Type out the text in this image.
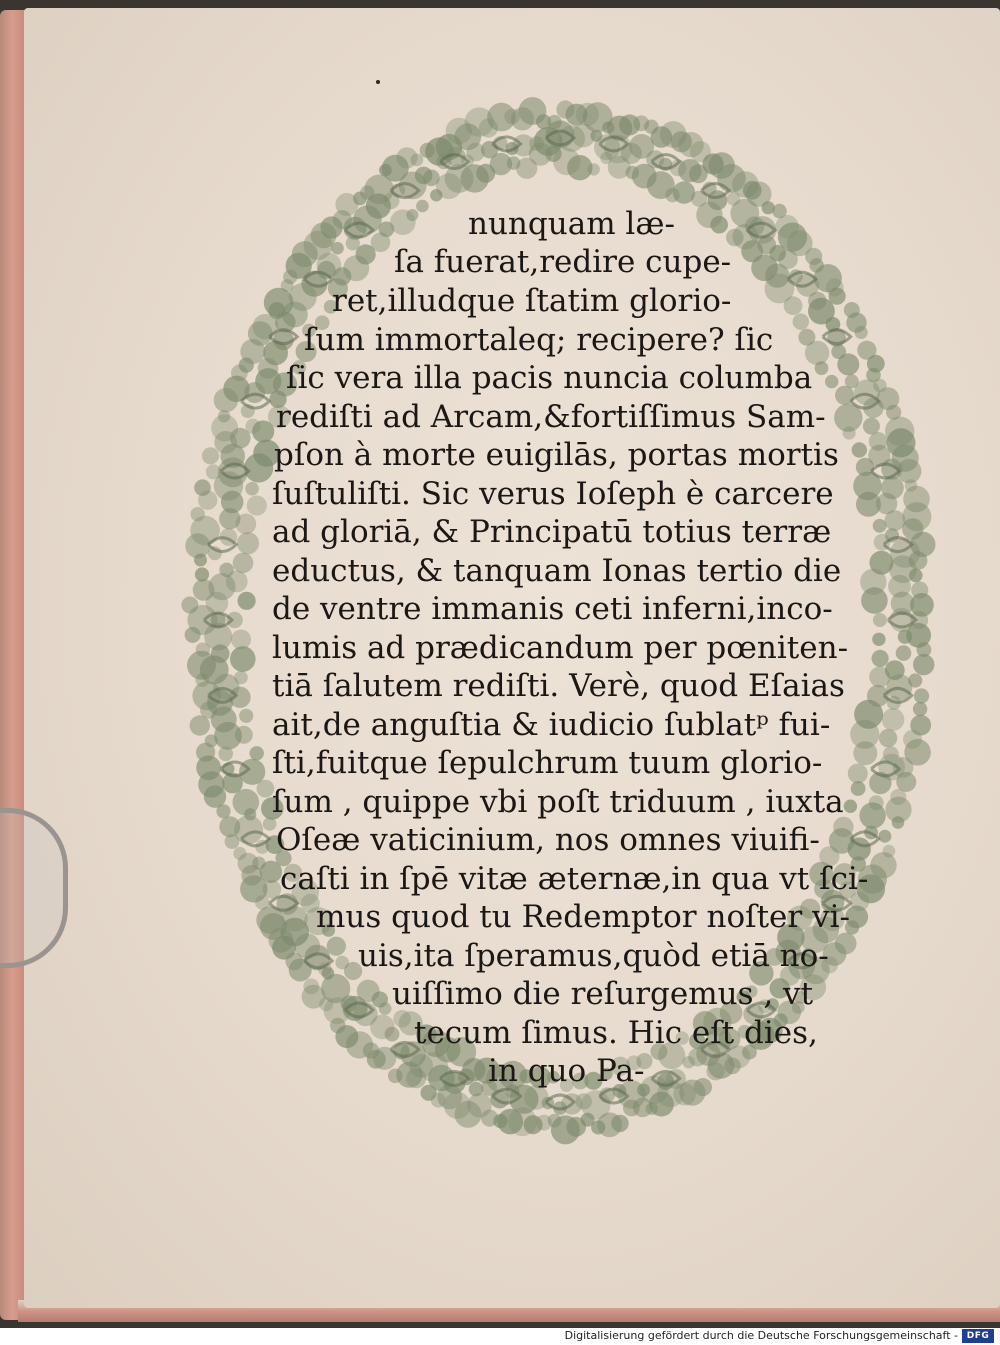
nunquam læ-
ſa fuerat,redire cupe-
ret,illudque ſtatim glorio-
ſum immortaleq; recipere? ſic
ſic vera illa pacis nuncia columba
rediſti ad Arcam,&fortiſſimus Sam-
pſon à morte euigilās, portas mortis
ſuſtuliſti. Sic verus Ioſeph è carcere
ad gloriā, & Principatū totius terræ
eductus, & tanquam Ionas tertio die
de ventre immanis ceti inferni,inco-
lumis ad prædicandum per pœniten-
tiā ſalutem rediſti. Verè, quod Eſaias
ait,de anguſtia & iudicio ſublatᵖ fui-
ſti,fuitque ſepulchrum tuum glorio-
ſum , quippe vbi poſt triduum , iuxta
Oſeæ vaticinium, nos omnes viuifi-
caſti in ſpē vitæ æternæ,in qua vt ſci-
mus quod tu Redemptor noſter vi-
uis,ita ſperamus,quòd etiā no-
uiſſimo die reſurgemus , vt
tecum ſimus. Hic eſt dies,
in quo Pa-
Digitalisierung gefördert durch die Deutsche Forschungsgemeinschaft - DFG
